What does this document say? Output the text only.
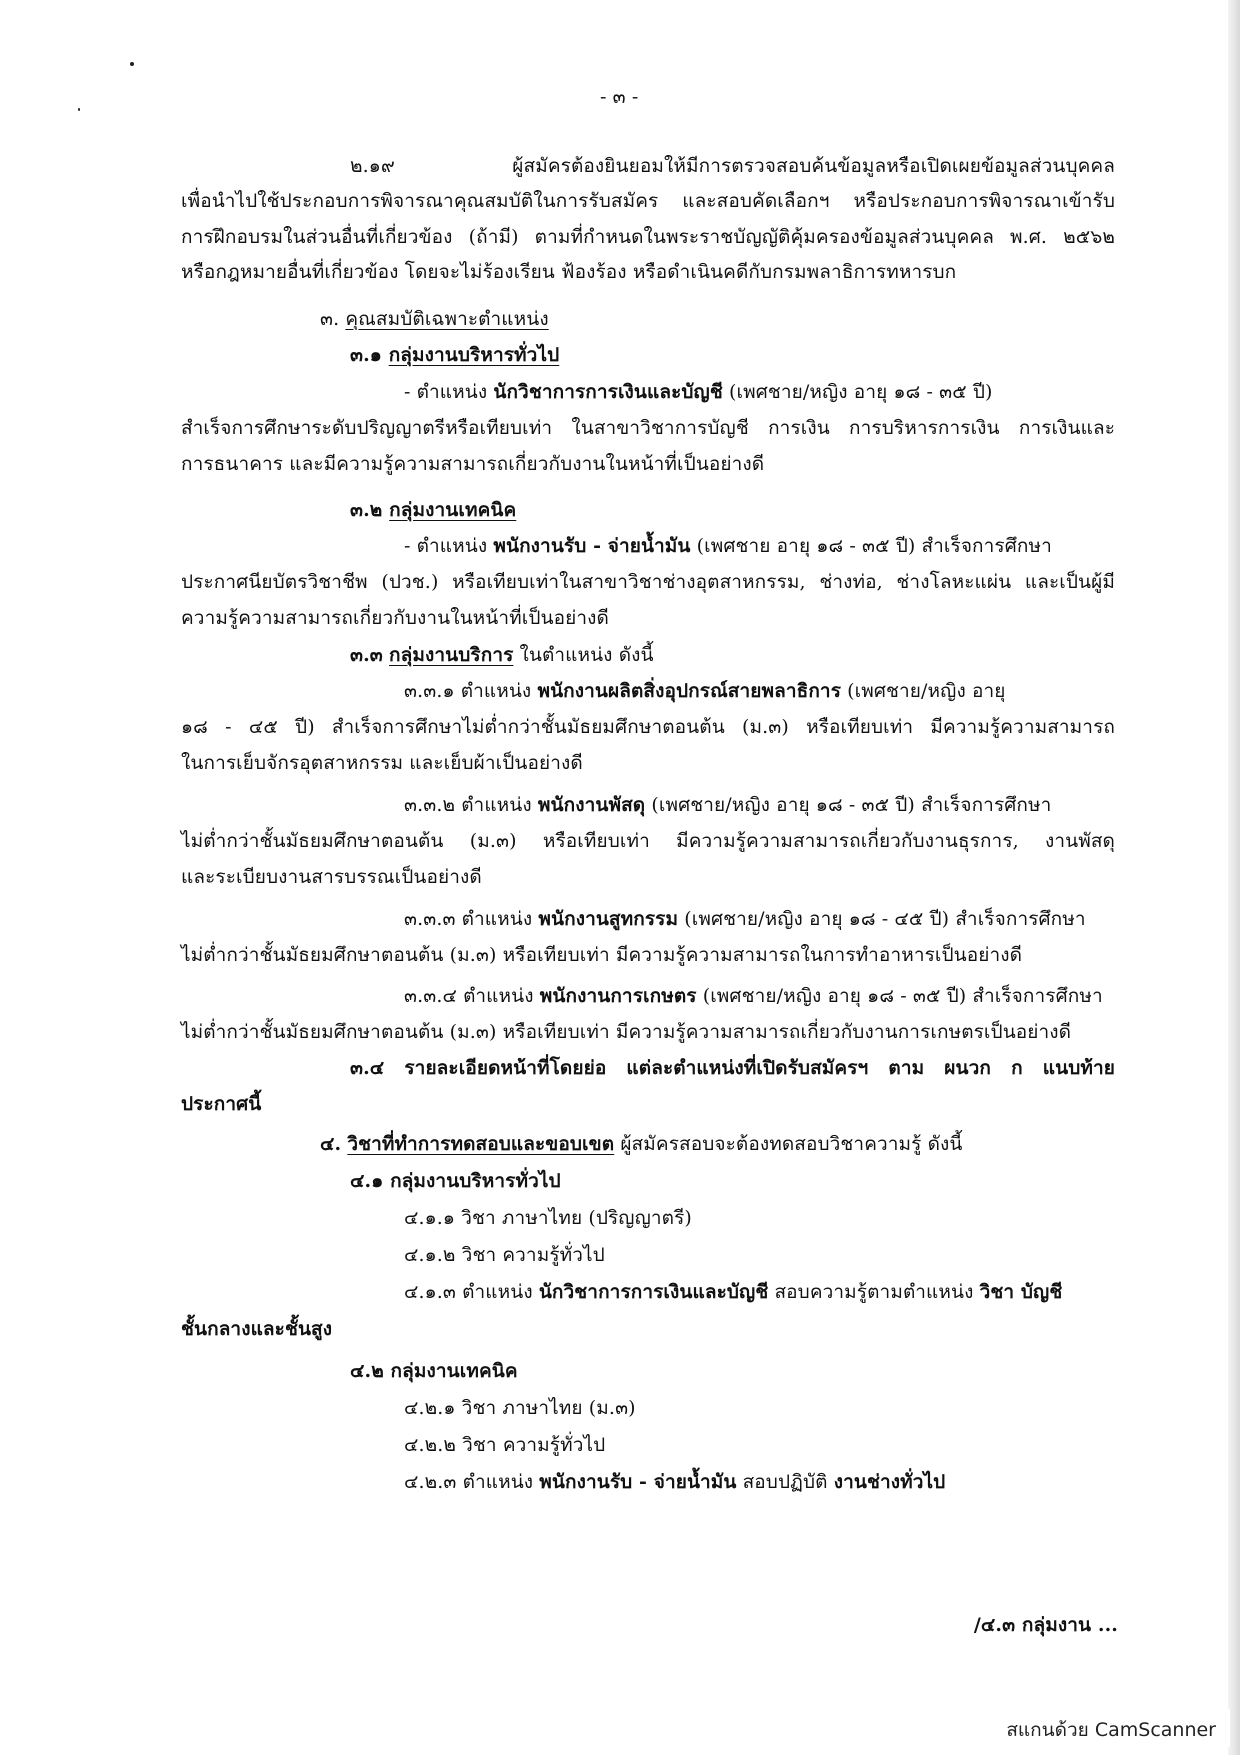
- ๓ -
๒.๑๙ ผู้สมัครต้องยินยอมให้มีการตรวจสอบค้นข้อมูลหรือเปิดเผยข้อมูลส่วนบุคคล
เพื่อนำไปใช้ประกอบการพิจารณาคุณสมบัติในการรับสมัคร และสอบคัดเลือกฯ หรือประกอบการพิจารณาเข้ารับ
การฝึกอบรมในส่วนอื่นที่เกี่ยวข้อง (ถ้ามี) ตามที่กำหนดในพระราชบัญญัติคุ้มครองข้อมูลส่วนบุคคล พ.ศ. ๒๕๖๒
หรือกฎหมายอื่นที่เกี่ยวข้อง โดยจะไม่ร้องเรียน ฟ้องร้อง หรือดำเนินคดีกับกรมพลาธิการทหารบก
๓. คุณสมบัติเฉพาะตำแหน่ง
๓.๑ กลุ่มงานบริหารทั่วไป
- ตำแหน่ง นักวิชาการการเงินและบัญชี (เพศชาย/หญิง อายุ ๑๘ - ๓๕ ปี)
สำเร็จการศึกษาระดับปริญญาตรีหรือเทียบเท่า ในสาขาวิชาการบัญชี การเงิน การบริหารการเงิน การเงินและ
การธนาคาร และมีความรู้ความสามารถเกี่ยวกับงานในหน้าที่เป็นอย่างดี
๓.๒ กลุ่มงานเทคนิค
- ตำแหน่ง พนักงานรับ - จ่ายน้ำมัน (เพศชาย อายุ ๑๘ - ๓๕ ปี) สำเร็จการศึกษา
ประกาศนียบัตรวิชาชีพ (ปวช.) หรือเทียบเท่าในสาขาวิชาช่างอุตสาหกรรม, ช่างท่อ, ช่างโลหะแผ่น และเป็นผู้มี
ความรู้ความสามารถเกี่ยวกับงานในหน้าที่เป็นอย่างดี
๓.๓ กลุ่มงานบริการ ในตำแหน่ง ดังนี้
๓.๓.๑ ตำแหน่ง พนักงานผลิตสิ่งอุปกรณ์สายพลาธิการ (เพศชาย/หญิง อายุ
๑๘ - ๔๕ ปี) สำเร็จการศึกษาไม่ต่ำกว่าชั้นมัธยมศึกษาตอนต้น (ม.๓) หรือเทียบเท่า มีความรู้ความสามารถ
ในการเย็บจักรอุตสาหกรรม และเย็บผ้าเป็นอย่างดี
๓.๓.๒ ตำแหน่ง พนักงานพัสดุ (เพศชาย/หญิง อายุ ๑๘ - ๓๕ ปี) สำเร็จการศึกษา
ไม่ต่ำกว่าชั้นมัธยมศึกษาตอนต้น (ม.๓) หรือเทียบเท่า มีความรู้ความสามารถเกี่ยวกับงานธุรการ, งานพัสดุ
และระเบียบงานสารบรรณเป็นอย่างดี
๓.๓.๓ ตำแหน่ง พนักงานสูทกรรม (เพศชาย/หญิง อายุ ๑๘ - ๔๕ ปี) สำเร็จการศึกษา
ไม่ต่ำกว่าชั้นมัธยมศึกษาตอนต้น (ม.๓) หรือเทียบเท่า มีความรู้ความสามารถในการทำอาหารเป็นอย่างดี
๓.๓.๔ ตำแหน่ง พนักงานการเกษตร (เพศชาย/หญิง อายุ ๑๘ - ๓๕ ปี) สำเร็จการศึกษา
ไม่ต่ำกว่าชั้นมัธยมศึกษาตอนต้น (ม.๓) หรือเทียบเท่า มีความรู้ความสามารถเกี่ยวกับงานการเกษตรเป็นอย่างดี
๓.๔ รายละเอียดหน้าที่โดยย่อ แต่ละตำแหน่งที่เปิดรับสมัครฯ ตาม ผนวก ก แนบท้าย
ประกาศนี้
๔. วิชาที่ทำการทดสอบและขอบเขต ผู้สมัครสอบจะต้องทดสอบวิชาความรู้ ดังนี้
๔.๑ กลุ่มงานบริหารทั่วไป
๔.๑.๑ วิชา ภาษาไทย (ปริญญาตรี)
๔.๑.๒ วิชา ความรู้ทั่วไป
๔.๑.๓ ตำแหน่ง นักวิชาการการเงินและบัญชี สอบความรู้ตามตำแหน่ง วิชา บัญชี
ชั้นกลางและชั้นสูง
๔.๒ กลุ่มงานเทคนิค
๔.๒.๑ วิชา ภาษาไทย (ม.๓)
๔.๒.๒ วิชา ความรู้ทั่วไป
๔.๒.๓ ตำแหน่ง พนักงานรับ - จ่ายน้ำมัน สอบปฏิบัติ งานช่างทั่วไป
/๔.๓ กลุ่มงาน ...
สแกนด้วย CamScanner
